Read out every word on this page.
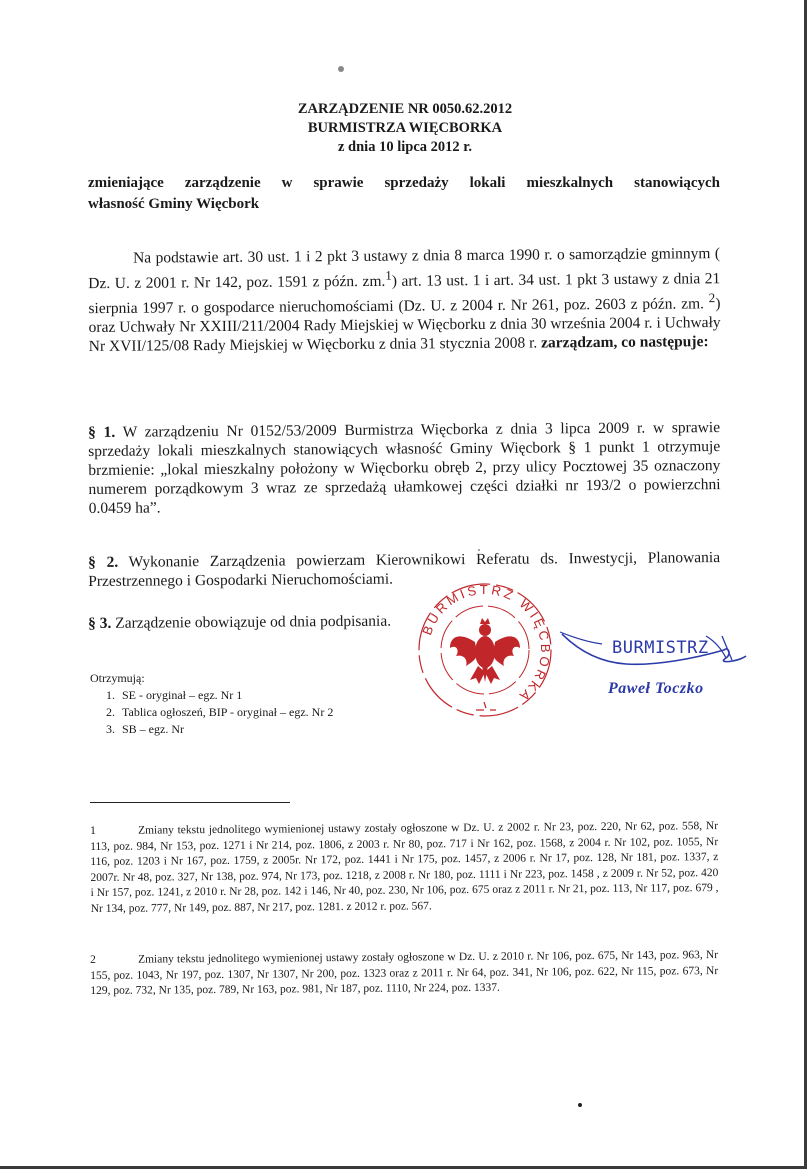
ZARZĄDZENIE NR 0050.62.2012
BURMISTRZA WIĘCBORKA
z dnia 10 lipca 2012 r.
zmieniające zarządzenie w sprawie sprzedaży lokali mieszkalnych stanowiących
własność Gminy Więcbork
Na podstawie art. 30 ust. 1 i 2 pkt 3 ustawy z dnia 8 marca 1990 r. o samorządzie gminnym ( Dz. U. z 2001 r. Nr 142, poz. 1591 z późn. zm.$^1$) art. 13 ust. 1 i art. 34 ust. 1 pkt 3 ustawy z dnia 21 sierpnia 1997 r. o gospodarce nieruchomościami (Dz. U. z 2004 r. Nr 261, poz. 2603 z późn. zm. $^2$) oraz Uchwały Nr XXIII/211/2004 Rady Miejskiej w Więcborku z dnia 30 września 2004 r. i Uchwały Nr XVII/125/08 Rady Miejskiej w Więcborku z dnia 31 stycznia 2008 r. zarządzam, co następuje:
§ 1. W zarządzeniu Nr 0152/53/2009 Burmistrza Więcborka z dnia 3 lipca 2009 r. w sprawie sprzedaży lokali mieszkalnych stanowiących własność Gminy Więcbork § 1 punkt 1 otrzymuje brzmienie: „lokal mieszkalny położony w Więcborku obręb 2, przy ulicy Pocztowej 35 oznaczony numerem porządkowym 3 wraz ze sprzedażą ułamkowej części działki nr 193/2 o powierzchni 0.0459 ha”.
§ 2. Wykonanie Zarządzenia powierzam Kierownikowi Referatu ds. Inwestycji, Planowania Przestrzennego i Gospodarki Nieruchomościami.
§ 3. Zarządzenie obowiązuje od dnia podpisania.	BURMISTRZ WIĘCBORKA
BURMISTRZ
Paweł Toczko
Otrzymują:
1. SE - oryginał – egz. Nr 1
2. Tablica ogłoszeń, BIP - oryginał – egz. Nr 2
3. SB – egz. Nr
1	Zmiany tekstu jednolitego wymienionej ustawy zostały ogłoszone w Dz. U. z 2002 r. Nr 23, poz. 220, Nr 62, poz. 558, Nr 113, poz. 984, Nr 153, poz. 1271 i Nr 214, poz. 1806, z 2003 r. Nr 80, poz. 717 i Nr 162, poz. 1568, z 2004 r. Nr 102, poz. 1055, Nr 116, poz. 1203 i Nr 167, poz. 1759, z 2005r. Nr 172, poz. 1441 i Nr 175, poz. 1457, z 2006 r. Nr 17, poz. 128, Nr 181, poz. 1337, z 2007r. Nr 48, poz. 327, Nr 138, poz. 974, Nr 173, poz. 1218, z 2008 r. Nr 180, poz. 1111 i Nr 223, poz. 1458 , z 2009 r. Nr 52, poz. 420 i Nr 157, poz. 1241, z 2010 r. Nr 28, poz. 142 i 146, Nr 40, poz. 230, Nr 106, poz. 675 oraz z 2011 r. Nr 21, poz. 113, Nr 117, poz. 679 , Nr 134, poz. 777, Nr 149, poz. 887, Nr 217, poz. 1281. z 2012 r. poz. 567.
2	Zmiany tekstu jednolitego wymienionej ustawy zostały ogłoszone w Dz. U. z 2010 r. Nr 106, poz. 675, Nr 143, poz. 963, Nr 155, poz. 1043, Nr 197, poz. 1307, Nr 1307, Nr 200, poz. 1323 oraz z 2011 r. Nr 64, poz. 341, Nr 106, poz. 622, Nr 115, poz. 673, Nr 129, poz. 732, Nr 135, poz. 789, Nr 163, poz. 981, Nr 187, poz. 1110, Nr 224, poz. 1337.
